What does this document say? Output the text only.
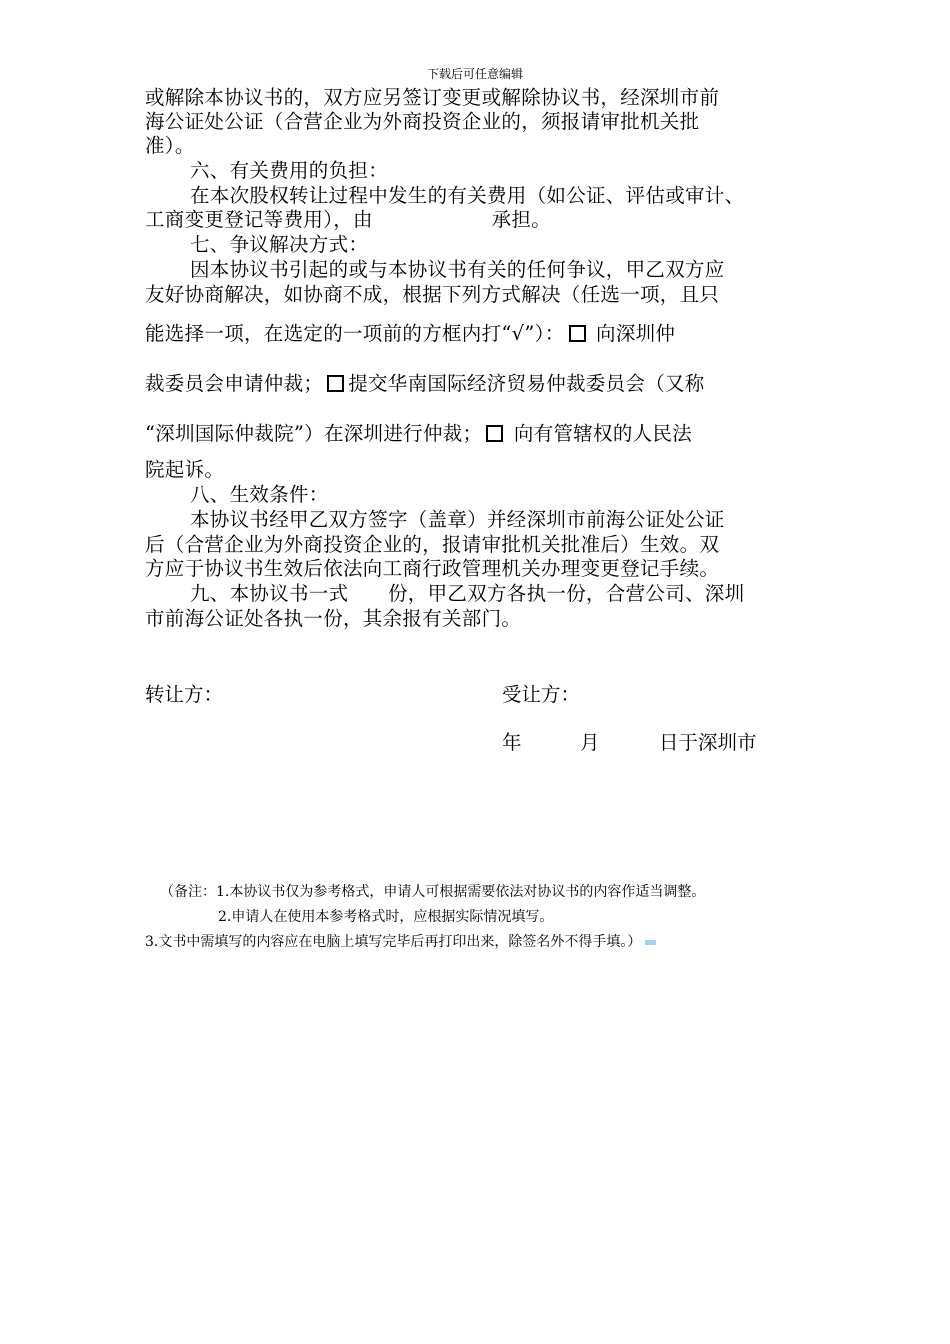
下载后可任意编辑
或解除本协议书的，双方应另签订变更或解除协议书，经深圳市前
海公证处公证（合营企业为外商投资企业的，须报请审批机关批
准）。
六、有关费用的负担：
在本次股权转让过程中发生的有关费用（如公证、评估或审计、
工商变更登记等费用），由　　　　　　承担。
七、争议解决方式：
因本协议书引起的或与本协议书有关的任何争议，甲乙双方应
友好协商解决，如协商不成，根据下列方式解决（任选一项，且只
能选择一项，在选定的一项前的方框内打“√”）： 向深圳仲
裁委员会申请仲裁； 提交华南国际经济贸易仲裁委员会（又称
“深圳国际仲裁院”）在深圳进行仲裁； 向有管辖权的人民法
院起诉。
八、生效条件：
本协议书经甲乙双方签字（盖章）并经深圳市前海公证处公证
后（合营企业为外商投资企业的，报请审批机关批准后）生效。双
方应于协议书生效后依法向工商行政管理机关办理变更登记手续。
九、本协议书一式　　份，甲乙双方各执一份，合营公司、深圳
市前海公证处各执一份，其余报有关部门。
转让方：	受让方：
年	月	日于深圳市
（备注：1.本协议书仅为参考格式，申请人可根据需要依法对协议书的内容作适当调整。
2.申请人在使用本参考格式时，应根据实际情况填写。
3.文书中需填写的内容应在电脑上填写完毕后再打印出来，除签名外不得手填。）
